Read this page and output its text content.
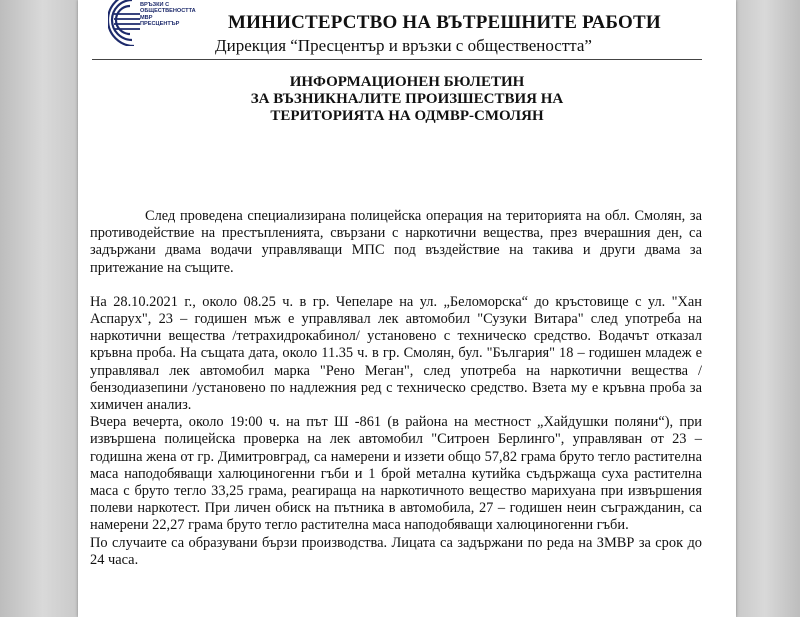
ВРЪЗКИ С
ОБЩЕСТВЕНОСТТА
МВР
ПРЕСЦЕНТЪР	МИНИСТЕРСТВО НА ВЪТРЕШНИТЕ РАБОТИ
Дирекция “Пресцентър и връзки с обществеността”
ИНФОРМАЦИОНЕН БЮЛЕТИН
ЗА ВЪЗНИКНАЛИТЕ ПРОИЗШЕСТВИЯ НА
ТЕРИТОРИЯТА НА ОДМВР-СМОЛЯН

След проведена специализирана полицейска операция на територията на обл. Смолян, за противодействие на престъпленията, свързани с наркотични вещества, през вчерашния ден, са задържани двама водачи управляващи МПС под въздействие на такива и други двама за притежание на същите.

На 28.10.2021 г., около 08.25 ч. в гр. Чепеларе на ул. „Беломорска“ до кръстовище с ул. "Хан Аспарух", 23 – годишен мъж е управлявал лек автомобил "Сузуки Витара" след употреба на наркотични вещества /тетрахидрокабинол/ установено с техническо средство. Водачът отказал кръвна проба. На същата дата, около 11.35 ч. в гр. Смолян, бул. "България" 18 – годишен младеж е управлявал лек автомобил марка "Рено Меган", след употреба на наркотични вещества / бензодиазепини /установено по надлежния ред с техническо средство. Взета му е кръвна проба за химичен анализ.

Вчера вечерта, около 19:00 ч. на път Ш -861 (в района на местност „Хайдушки поляни“), при извършена полицейска проверка на лек автомобил "Ситроен Берлинго", управляван от 23 – годишна жена от гр. Димитровград, са намерени и иззети общо 57,82 грама бруто тегло растителна маса наподобяващи халюциногенни гъби и 1 брой метална кутийка съдържаща суха растителна маса с бруто тегло 33,25 грама, реагираща на наркотичното вещество марихуана при извършения полеви наркотест. При личен обиск на пътника в автомобила, 27 – годишен неин съгражданин, са намерени 22,27 грама бруто тегло растителна маса наподобяващи халюциногенни гъби.

По случаите са образувани бързи производства. Лицата са задържани по реда на ЗМВР за срок до 24 часа.
